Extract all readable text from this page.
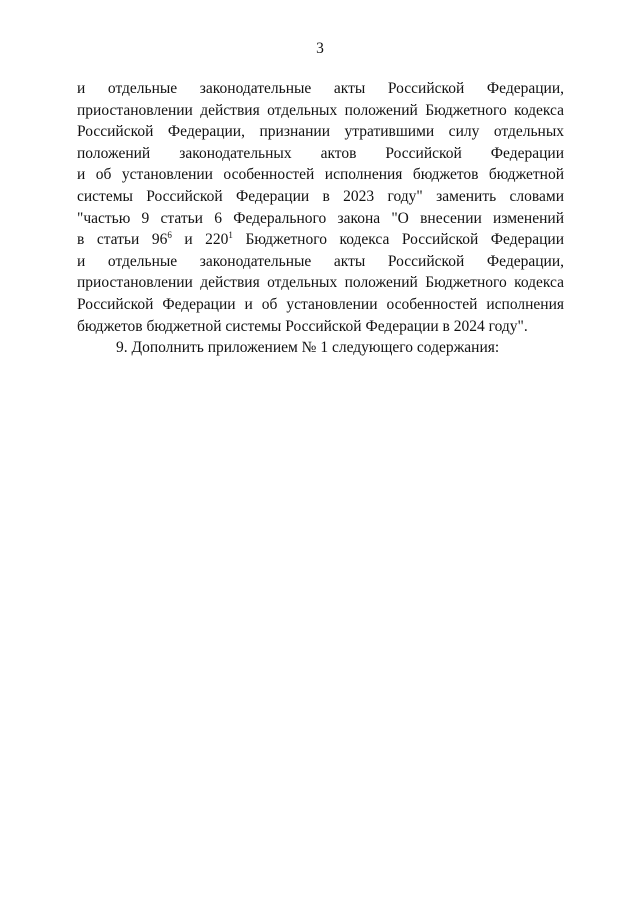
3
и отдельные законодательные акты Российской Федерации,
приостановлении действия отдельных положений Бюджетного кодекса
Российской Федерации, признании утратившими силу отдельных
положений законодательных актов Российской Федерации
и об установлении особенностей исполнения бюджетов бюджетной
системы Российской Федерации в 2023 году" заменить словами
"частью 9 статьи 6 Федерального закона "О внесении изменений
в статьи $96^6$ и $220^1$ Бюджетного кодекса Российской Федерации
и отдельные законодательные акты Российской Федерации,
приостановлении действия отдельных положений Бюджетного кодекса
Российской Федерации и об установлении особенностей исполнения
бюджетов бюджетной системы Российской Федерации в 2024 году".
9. Дополнить приложением № 1 следующего содержания:
